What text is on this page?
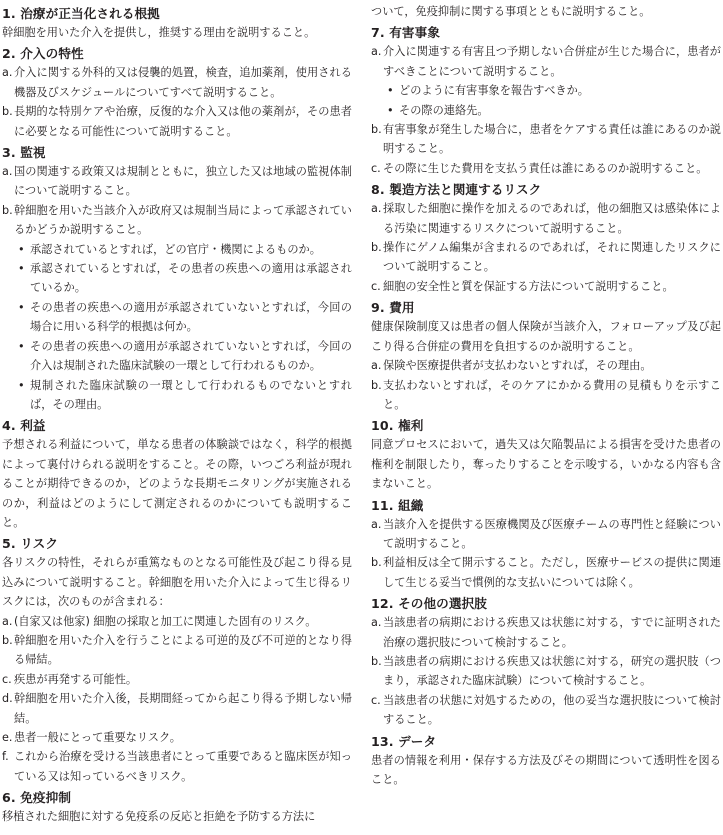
1. 治療が正当化される根拠

幹細胞を用いた介入を提供し，推奨する理由を説明すること。

2. 介入の特性
a. 介入に関する外科的又は侵襲的処置，検査，追加薬剤，使用される機器及びスケジュールについてすべて説明すること。
b. 長期的な特別ケアや治療，反復的な介入又は他の薬剤が，その患者に必要となる可能性について説明すること。
3. 監視
a. 国の関連する政策又は規制とともに，独立した又は地域の監視体制について説明すること。
b. 幹細胞を用いた当該介入が政府又は規制当局によって承認されているかどうか説明すること。
• 承認されているとすれば，どの官庁・機関によるものか。
• 承認されているとすれば，その患者の疾患への適用は承認されているか。
• その患者の疾患への適用が承認されていないとすれば，今回の場合に用いる科学的根拠は何か。
• その患者の疾患への適用が承認されていないとすれば，今回の介入は規制された臨床試験の一環として行われるものか。
• 規制された臨床試験の一環として行われるものでないとすれば，その理由。
4. 利益

予想される利益について，単なる患者の体験談ではなく，科学的根拠によって裏付けられる説明をすること。その際，いつごろ利益が現れることが期待できるのか，どのような長期モニタリングが実施されるのか，利益はどのようにして測定されるのかについても説明すること。

5. リスク

各リスクの特性，それらが重篤なものとなる可能性及び起こり得る見込みについて説明すること。幹細胞を用いた介入によって生じ得るリスクには，次のものが含まれる：

a. (自家又は他家) 細胞の採取と加工に関連した固有のリスク。
b. 幹細胞を用いた介入を行うことによる可逆的及び不可逆的となり得る帰結。
c. 疾患が再発する可能性。
d. 幹細胞を用いた介入後，長期間経ってから起こり得る予期しない帰結。
e. 患者一般にとって重要なリスク。
f. これから治療を受ける当該患者にとって重要であると臨床医が知っている又は知っているべきリスク。
6. 免疫抑制

移植された細胞に対する免疫系の反応と拒絶を予防する方法に

ついて，免疫抑制に関する事項とともに説明すること。

7. 有害事象
a. 介入に関連する有害且つ予期しない合併症が生じた場合に，患者がすべきことについて説明すること。
• どのように有害事象を報告すべきか。
• その際の連絡先。
b. 有害事象が発生した場合に，患者をケアする責任は誰にあるのか説明すること。
c. その際に生じた費用を支払う責任は誰にあるのか説明すること。
8. 製造方法と関連するリスク
a. 採取した細胞に操作を加えるのであれば，他の細胞又は感染体による汚染に関連するリスクについて説明すること。
b. 操作にゲノム編集が含まれるのであれば，それに関連したリスクについて説明すること。
c. 細胞の安全性と質を保証する方法について説明すること。
9. 費用

健康保険制度又は患者の個人保険が当該介入，フォローアップ及び起こり得る合併症の費用を負担するのか説明すること。

a. 保険や医療提供者が支払わないとすれば，その理由。
b. 支払わないとすれば，そのケアにかかる費用の見積もりを示すこと。
10. 権利

同意プロセスにおいて，過失又は欠陥製品による損害を受けた患者の権利を制限したり，奪ったりすることを示唆する，いかなる内容も含まないこと。

11. 組織
a. 当該介入を提供する医療機関及び医療チームの専門性と経験について説明すること。
b. 利益相反は全て開示すること。ただし，医療サービスの提供に関連して生じる妥当で慣例的な支払いについては除く。
12. その他の選択肢
a. 当該患者の病期における疾患又は状態に対する，すでに証明された治療の選択肢について検討すること。
b. 当該患者の病期における疾患又は状態に対する，研究の選択肢（つまり，承認された臨床試験）について検討すること。
c. 当該患者の状態に対処するための，他の妥当な選択肢について検討すること。
13. データ

患者の情報を利用・保存する方法及びその期間について透明性を図ること。
